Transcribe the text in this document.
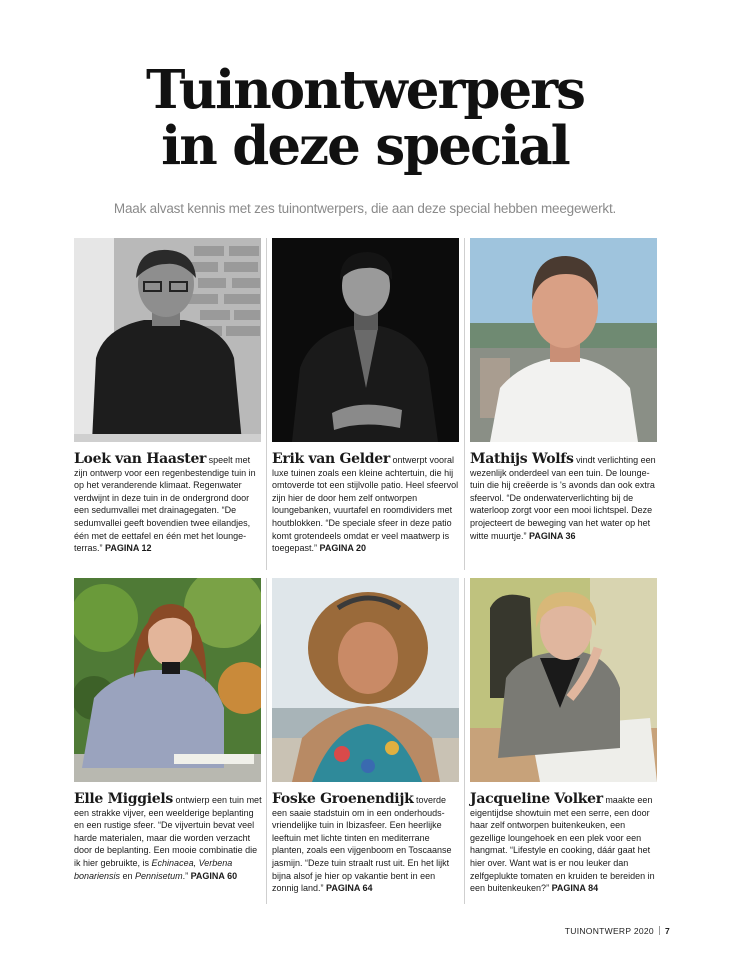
Tuinontwerpers
in deze special
Maak alvast kennis met zes tuinontwerpers, die aan deze special hebben meegewerkt.
Loek van Haaster speelt met zijn ontwerp voor een regenbestendige tuin in op het veranderende klimaat. Regenwater verdwijnt in deze tuin in de ondergrond door een sedumvallei met drainagegaten. “De sedumvallei geeft bovendien twee eilandjes, één met de eettafel en één met het loungeterras.” PAGINA 12
Erik van Gelder ontwerpt vooral luxe tuinen zoals een kleine achtertuin, die hij omtoverde tot een stijlvolle patio. Heel sfeervol zijn hier de door hem zelf ontworpen loungebanken, vuurtafel en roomdividers met houtblokken. “De speciale sfeer in deze patio komt grotendeels omdat er veel maatwerp is toegepast.” PAGINA 20
Mathijs Wolfs vindt verlichting een wezenlijk onderdeel van een tuin. De loungetuin die hij creëerde is 's avonds dan ook extra sfeervol. “De onderwaterverlichting bij de waterloop zorgt voor een mooi lichtspel. Deze projecteert de beweging van het water op het witte muurtje.” PAGINA 36
Elle Miggiels ontwierp een tuin met een strakke vijver, een weelderige beplanting en een rustige sfeer. “De vijvertuin bevat veel harde materialen, maar die worden verzacht door de beplanting. Een mooie combinatie die ik hier gebruikte, is Echinacea, Verbena bonariensis en Pennisetum.” PAGINA 60
Foske Groenendijk toverde een saaie stadstuin om in een onderhoudsvriendelijke tuin in Ibizasfeer. Een heerlijke leeftuin met lichte tinten en mediterrane planten, zoals een vijgenboom en Toscaanse jasmijn. “Deze tuin straalt rust uit. En het lijkt bijna alsof je hier op vakantie bent in een zonnig land.” PAGINA 64
Jacqueline Volker maakte een eigentijdse showtuin met een serre, een door haar zelf ontworpen buitenkeuken, een gezellige loungehoek en een plek voor een hangmat. “Lifestyle en cooking, dáár gaat het hier over. Want wat is er nou leuker dan zelfgeplukte tomaten en kruiden te bereiden in een buitenkeuken?” PAGINA 84
TUINONTWERP 2020 7
